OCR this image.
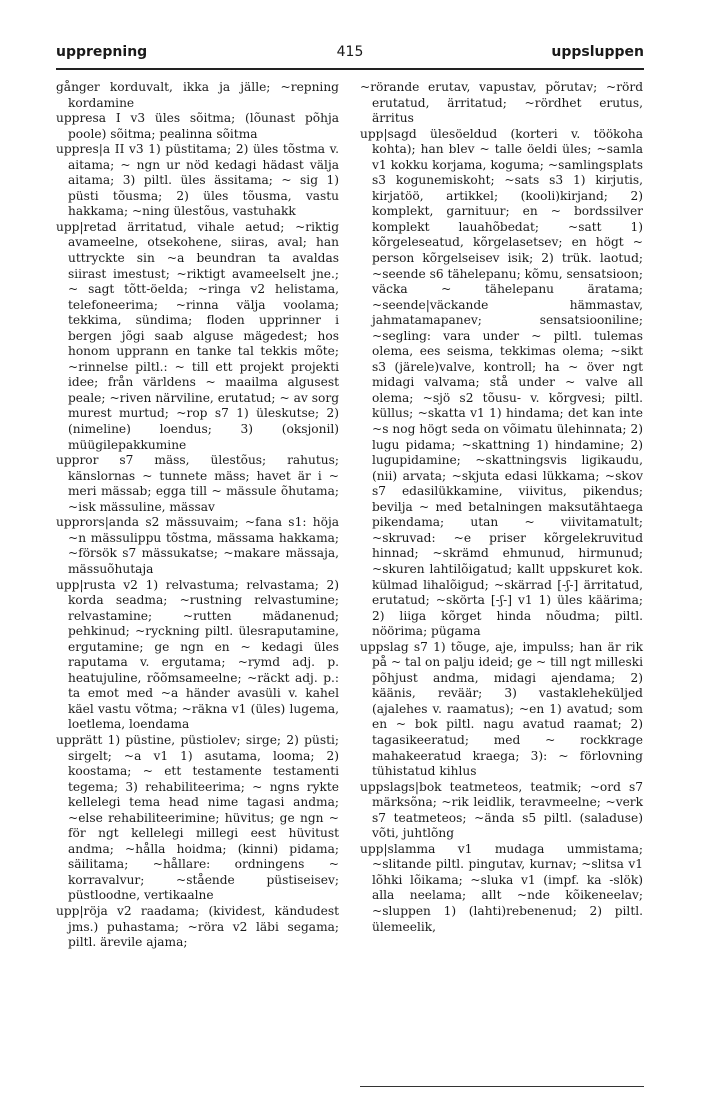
upprepning	415	uppsluppen

gånger korduvalt, ikka ja jälle; ~repning kordamine

uppresa I v3 üles sõitma; (lõunast põhja poole) sõitma; pealinna sõitma

uppres|a II v3 1) püstitama; 2) üles tõstma v. aitama; ~ ngn ur nöd kedagi hädast välja aitama; 3) piltl. üles ässitama; ~ sig 1) püsti tõusma; 2) üles tõusma, vastu hakkama; ~ning ülestõus, vastuhakk

upp|retad ärritatud, vihale aetud; ~riktig avameelne, otsekohene, siiras, aval; han uttryckte sin ~a beundran ta avaldas siirast imestust; ~riktigt avameelselt jne.; ~ sagt tõtt-öelda; ~ringa v2 helistama, telefoneerima; ~rinna välja voolama; tekkima, sündima; floden upprinner i bergen jõgi saab alguse mägedest; hos honom upprann en tanke tal tekkis mõte; ~rinnelse piltl.: ~ till ett projekt projekti idee; från världens ~ maailma algusest peale; ~riven närviline, erutatud; ~ av sorg murest murtud; ~rop s7 1) üleskutse; 2) (nimeline) loendus; 3) (oksjonil) müügilepakkumine

uppror s7 mäss, ülestõus; rahutus; känslornas ~ tunnete mäss; havet är i ~ meri mässab; egga till ~ mässule õhutama; ~isk mässuline, mässav

upprors|anda s2 mässuvaim; ~fana s1: höja ~n mässulippu tõstma, mässama hakkama; ~försök s7 mässukatse; ~makare mässaja, mässuõhutaja

upp|rusta v2 1) relvastuma; relvastama; 2) korda seadma; ~rustning relvastumine; relvastamine; ~rutten mädanenud; pehkinud; ~ryckning piltl. ülesraputamine, ergutamine; ge ngn en ~ kedagi üles raputama v. ergutama; ~rymd adj. p. heatujuline, rõõmsameelne; ~räckt adj. p.: ta emot med ~a händer avasüli v. kahel käel vastu võtma; ~räkna v1 (üles) lugema, loetlema, loendama

upprätt 1) püstine, püstiolev; sirge; 2) püsti; sirgelt; ~a v1 1) asutama, looma; 2) koostama; ~ ett testamente testamenti tegema; 3) rehabiliteerima; ~ ngns rykte kellelegi tema head nime tagasi andma; ~else rehabiliteerimine; hüvitus; ge ngn ~ för ngt kellelegi millegi eest hüvitust andma; ~hålla hoidma; (kinni) pidama; säilitama; ~hållare: ordningens ~ korravalvur; ~stående püstiseisev; püstloodne, vertikaalne

upp|röja v2 raadama; (kividest, kändudest jms.) puhastama; ~röra v2 läbi segama; piltl. ärevile ajama;

~rörande erutav, vapustav, põrutav; ~rörd erutatud, ärritatud; ~rördhet erutus, ärritus

upp|sagd ülesöeldud (korteri v. töökoha kohta); han blev ~ talle öeldi üles; ~samla v1 kokku korjama, koguma; ~samlingsplats s3 kogunemiskoht; ~sats s3 1) kirjutis, kirjatöö, artikkel; (kooli)kirjand; 2) komplekt, garnituur; en ~ bordssilver komplekt lauahõbedat; ~satt 1) kõrgeleseatud, kõrgelasetsev; en högt ~ person kõrgelseisev isik; 2) trük. laotud; ~seende s6 tähelepanu; kõmu, sensatsioon; väcka ~ tähelepanu äratama; ~seende|väckande hämmastav, jahmatamapanev; sensatsiooniline; ~segling: vara under ~ piltl. tulemas olema, ees seisma, tekkimas olema; ~sikt s3 (järele)valve, kontroll; ha ~ över ngt midagi valvama; stå under ~ valve all olema; ~sjö s2 tõusu- v. kõrgvesi; piltl. küllus; ~skatta v1 1) hindama; det kan inte ~s nog högt seda on võimatu ülehinnata; 2) lugu pidama; ~skattning 1) hindamine; 2) lugupidamine; ~skattningsvis ligikaudu, (nii) arvata; ~skjuta edasi lükkama; ~skov s7 edasilükkamine, viivitus, pikendus; bevilja ~ med betalningen maksutähtaega pikendama; utan ~ viivitamatult; ~skruvad: ~e priser kõrgelekruvitud hinnad; ~skrämd ehmunud, hirmunud; ~skuren lahtilõigatud; kallt uppskuret kok. külmad lihalõigud; ~skärrad [-ʃ-] ärritatud, erutatud; ~skörta [-ʃ-] v1 1) üles käärima; 2) liiga kõrget hinda nõudma; piltl. nöörima; pügama

uppslag s7 1) tõuge, aje, impulss; han är rik på ~ tal on palju ideid; ge ~ till ngt milleski põhjust andma, midagi ajendama; 2) käänis, reväär; 3) vastaklehekülјed (ajalehes v. raamatus); ~en 1) avatud; som en ~ bok piltl. nagu avatud raamat; 2) tagasikeeratud; med ~ rockkrage mahakeeratud kraega; 3): ~ förlovning tühistatud kihlus

uppslags|bok teatmeteos, teatmik; ~ord s7 märksõna; ~rik leidlik, teravmeelne; ~verk s7 teatmeteos; ~ända s5 piltl. (saladuse) võti, juhtlõng

upp|slamma v1 mudaga ummistama; ~slitande piltl. pingutav, kurnav; ~slitsa v1 lõhki lõikama; ~sluka v1 (impf. ka -slök) alla neelama; allt ~nde kõikeneelav; ~sluppen 1) (lahti)rebenenud; 2) piltl. ülemeelik,
